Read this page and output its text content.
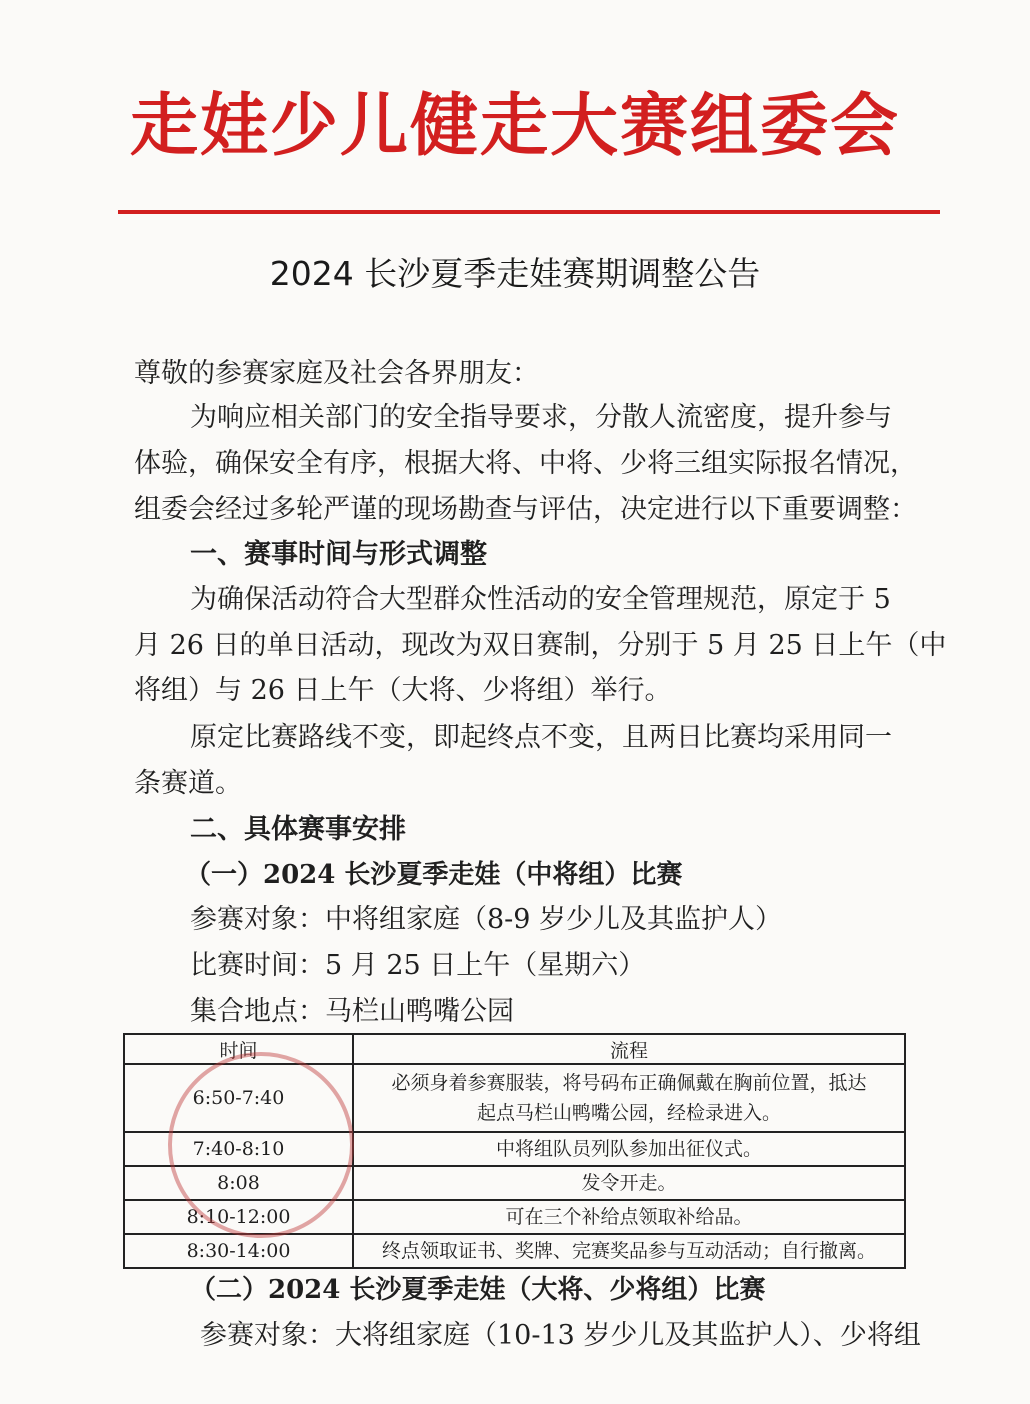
走娃少儿健走大赛组委会
2024 长沙夏季走娃赛期调整公告
尊敬的参赛家庭及社会各界朋友：
为响应相关部门的安全指导要求，分散人流密度，提升参与
体验，确保安全有序，根据大将、中将、少将三组实际报名情况，
组委会经过多轮严谨的现场勘查与评估，决定进行以下重要调整：
一、赛事时间与形式调整
为确保活动符合大型群众性活动的安全管理规范，原定于 5
月 26 日的单日活动，现改为双日赛制，分别于 5 月 25 日上午（中
将组）与 26 日上午（大将、少将组）举行。
原定比赛路线不变，即起终点不变，且两日比赛均采用同一
条赛道。
二、具体赛事安排
（一）2024 长沙夏季走娃（中将组）比赛
参赛对象：中将组家庭（8-9 岁少儿及其监护人）
比赛时间：5 月 25 日上午（星期六）
集合地点：马栏山鸭嘴公园
时间	流程
6:50-7:40	必须身着参赛服装，将号码布正确佩戴在胸前位置，抵达
起点马栏山鸭嘴公园，经检录进入。

7:40-8:10	中将组队员列队参加出征仪式。
8:08	发令开走。
8:10-12:00	可在三个补给点领取补给品。
8:30-14:00	终点领取证书、奖牌、完赛奖品参与互动活动；自行撤离。
（二）2024 长沙夏季走娃（大将、少将组）比赛
参赛对象：大将组家庭（10-13 岁少儿及其监护人）、少将组
